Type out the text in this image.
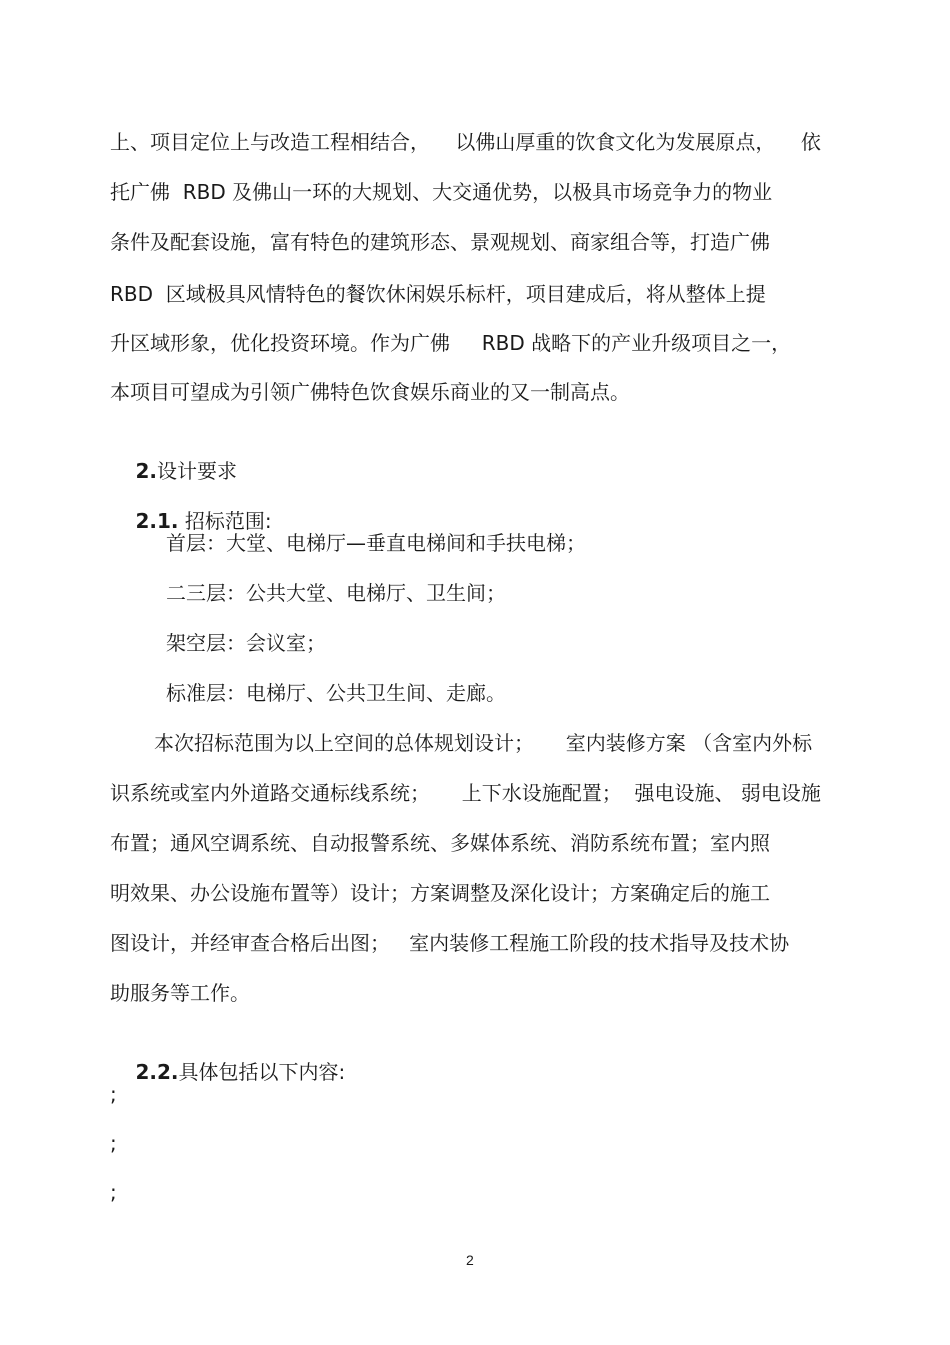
上、项目定位上与改造工程相结合，    以佛山厚重的饮食文化为发展原点，    依
托广佛  RBD 及佛山一环的大规划、大交通优势，以极具市场竞争力的物业
条件及配套设施，富有特色的建筑形态、景观规划、商家组合等，打造广佛
RBD  区域极具风情特色的餐饮休闲娱乐标杆，项目建成后，将从整体上提
升区域形象，优化投资环境。作为广佛     RBD 战略下的产业升级项目之一，
本项目可望成为引领广佛特色饮食娱乐商业的又一制高点。

2.设计要求

2.1. 招标范围:

首层：大堂、电梯厅—垂直电梯间和手扶电梯；
二三层：公共大堂、电梯厅、卫生间；
架空层：会议室；
标准层：电梯厅、公共卫生间、走廊。
本次招标范围为以上空间的总体规划设计；     室内装修方案 （含室内外标
识系统或室内外道路交通标线系统；     上下水设施配置；  强电设施、 弱电设施
布置；通风空调系统、自动报警系统、多媒体系统、消防系统布置；室内照
明效果、办公设施布置等）设计；方案调整及深化设计；方案确定后的施工
图设计，并经审查合格后出图；   室内装修工程施工阶段的技术指导及技术协
助服务等工作。

2.2.具体包括以下内容:

;
;
;
2
